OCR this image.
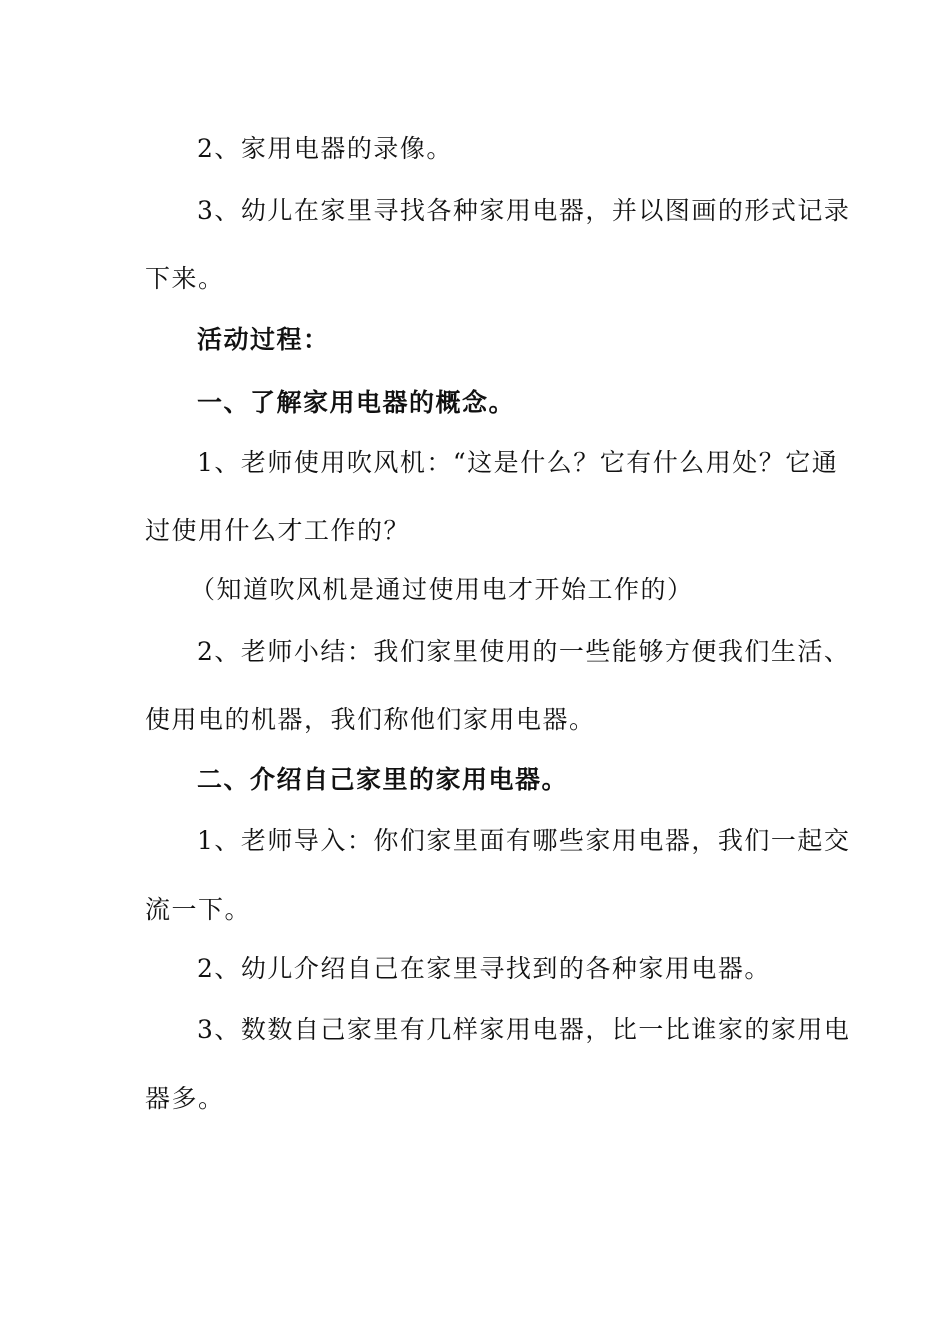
2、家用电器的录像。
3、幼儿在家里寻找各种家用电器，并以图画的形式记录
下来。
活动过程：
一、了解家用电器的概念。
1、老师使用吹风机：“这是什么？它有什么用处？它通
过使用什么才工作的？
（知道吹风机是通过使用电才开始工作的）
2、老师小结：我们家里使用的一些能够方便我们生活、
使用电的机器，我们称他们家用电器。
二、介绍自己家里的家用电器。
1、老师导入：你们家里面有哪些家用电器，我们一起交
流一下。
2、幼儿介绍自己在家里寻找到的各种家用电器。
3、数数自己家里有几样家用电器，比一比谁家的家用电
器多。
